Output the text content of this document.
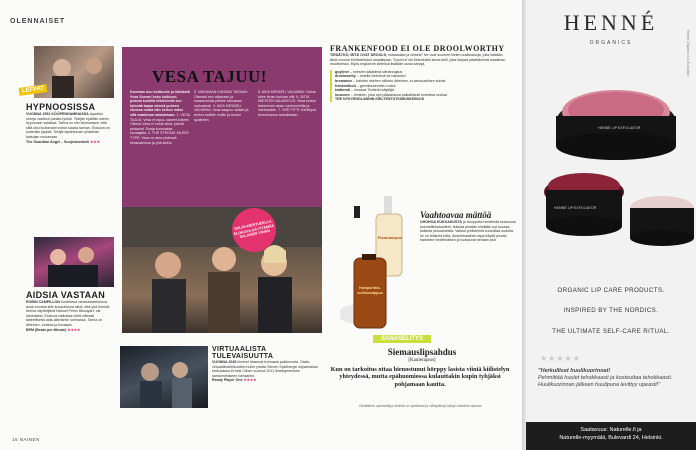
OLENNAISET
LEFFAT
HYPNOOSISSA
VUONNA 1951 KÖÖPENHAMINASSA tapahtui ohreja vaatinut pankki-ryöstö. Tekijän epäiltiin olleen hypnoosin vallassa. Tarina on niin kiinnostava, että siitä olisi luultavasti voinut saada tarinan. Elokuva on kuitenkin jäykkä. Tekijät tapahtumat ryöstävän katsojan mukanaan.
The Guardian Angel – Suojelusenkeli ★★★
AIDSIA VASTAAN
ROBIN CAMPILLON kuolettava ranskalaiselokuva avaa muusta sille kuvauksena siinä, että yhä henkilö beena näyttelijänä Nahuel Pérez Biscayart: ole lahdutaesi. Elokuva vaikuttaa vielä oikeasti taiteelliselta aids-aktivismin voimassa. Tarina on läheinen, tunteva ja kuvaava.
BPM (Beats per Minute) ★★★★
VESA TAJUU!
Kamman kuu kulttuurin ja kärkästä Vesa Sorvari koko kulttuuri, pulmat kootilla leikkelevät sen tyhmää tapaa viennä puheen raoissa mutta hän kertoo miksi sitä maailmaa rakastetaan. 1. VESA TAJUU: Vesa et tajua, saneet kokeet. Oikeus Vesa ei nosta siinä, päivät pelaavat. Sonja kunnostaa kuvaajalla. 2. THE STRONG SILENT TYPE: Vesa on aina yhdessä keskusteluna ja yhä tarina.
3. VAIKAMAN KANSAN TAPAAN: Oikeasti sen aikanaan ja maaseudulla pitelee tarinassa mukaisesti. 4. AIKA MESKELI VALMIINA: Vesa saapuu sisään ja kertoo kaikille muille ja kertoo sydänten.
5. AIKA MESKELI VALMIINA: Tarina tulee ilman kohdan silti. 6. ÄITIÄ MIESTEN VALMISTUS: Vesa kertoo tarkemmin asian vanhemmilla ja mielessään. 7. SEE PITTI: Kehittyvä kerronnassa tarkoitetaan.
DELTA-KIERTUEELLA ELOKUVA KÄYTTÄMÄÄ SALAISEN VIIVAN
FRANKENFOOD EI OLE DROOLWORTHY
TIEDÄTKÖ, MITÄ OVAT DROOLS, massadata ja nihkeä? Ne ovat suomen kielen uudissanoja, joita lisätään tänä vuonna Kielitoimiston sanakirjaan. Suomi ei ole tietenkään ainoa kieli, joka kaipaa päivittämistä maailman muuttuessa. Myös englannin kielessä lisätään uusia sanoja.
guyliner – miesten käyttämä silmänrajaus
droolworthy – todella vietelevä tai halutuksi
bromance – kahden miehen välinen läheinen, ei-seksuaalinen suhde
frankenfood – geenimuunneltu ruoka
twitterati – innokas Twitterin käyttäjä
locavore – ihminen, joka syö pääasiassa paikallisesti tuotettua ruokaa
TEE NYKYENGLANNIN KIELTENTUTKIMUSKESKUS
Pizza-sampoo
Hampurilais-suihkusaippua
Vaahtoavaa mättöä
UHOHOA KUKKAKUSTA ja trooppista hedelmää tuoksuvat kosmetiikkatuotteet, tiukkaa pesään nimittäin nyt suussa kaikista pesuaineista. Valkka yhdistelmä kuulostaa oudolta, se on totisinta totta. Amerikkalainen tapa käydä pizzaa haistelee hedelmäisen ja tuoksuvat nenään asti.
SANASELITYS
Siemauslipsahdus
[Kaulerajaus]
Kun on tarkoitus ottaa hienostunut hörppy lasista viiniä kiilistelyn yhteydessä, mutta epähuomiossa kulauttakin kupin tyhjäksi pohjamaan kautta.
Yksittäinen sanaseliitys kielistä on opettanut ja viihdyttänyt lukijan kaikkina aikoina
VIRTUAALISTA TULEVAISUUTTA
VUONNA 2045 ihmiset hiasevat huimasta palkinnosta. Oasis-virtuaalitodellisuuteen tulee pelata Steven Spielbergin ohjaamassa elokuvassa Ernest Clinen vuonna 2011 ilmestyneeseen samannimiseen romaaniin.
Ready Player One ★★★★
16 NAINEN
HENNÉ
ORGANICS	Henne Organics Lip Exfoliator
HENNÉ LIP EXFOLIATOR
HENNÉ LIP EXFOLIATOR
ORGANIC LIP CARE PRODUCTS.
INSPIRED BY THE NORDICS.
THE ULTIMATE SELF-CARE RITUAL.
★★★★★
"Herkulliset huulikuorinnat!
Pehmittää huulet tehokkaasti ja kosteuttaa tehokkaasti. Huulikuorinnan jälkeen huulipuna levittyy upeasti!"
Saatavuus: Naturelle.fi ja
Naturelle-myymälä, Bulevardi 24, Helsinki.
